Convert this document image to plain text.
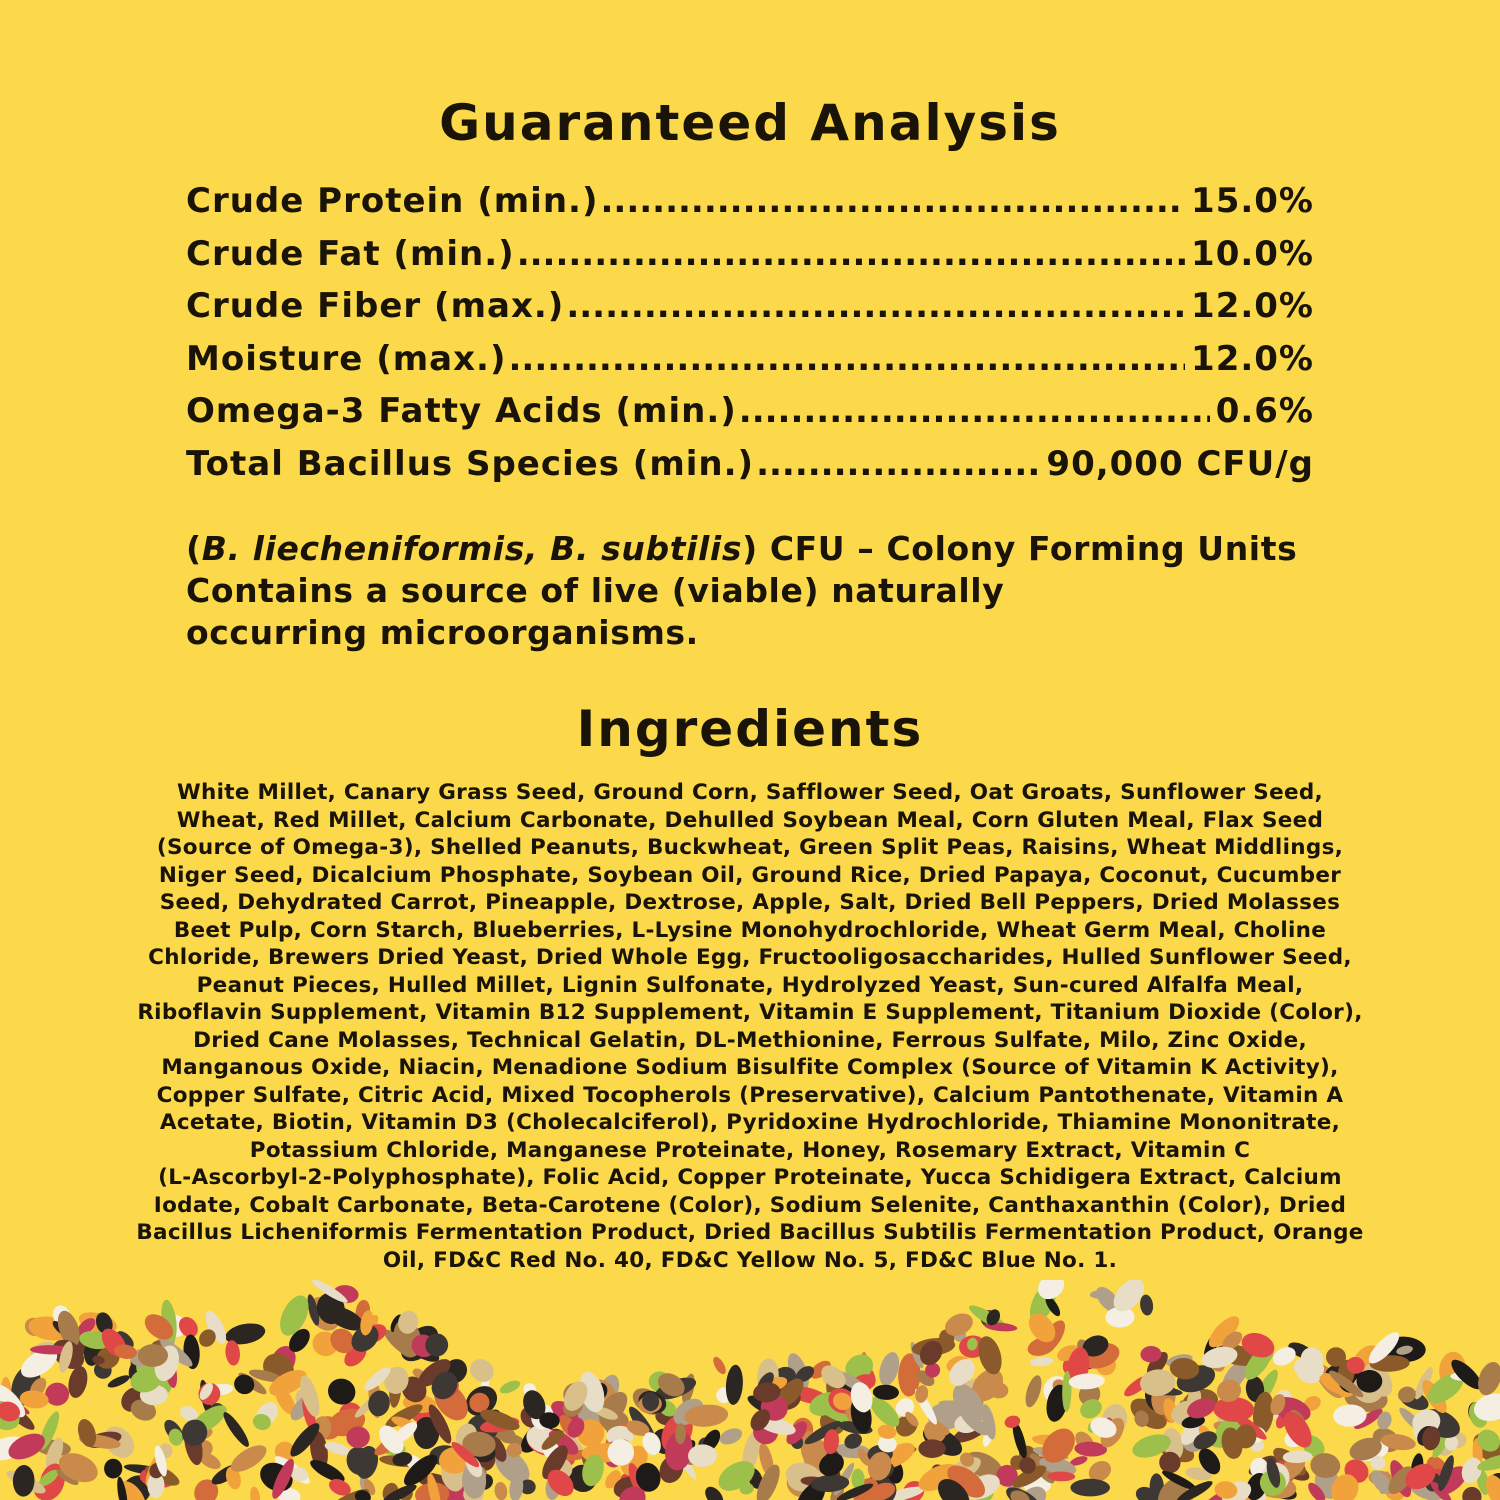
Guaranteed Analysis
Crude Protein (min.) .....	15.0%
Crude Fat (min.) .....	10.0%
Crude Fiber (max.) .....	12.0%
Moisture (max.) .....	12.0%
Omega-3 Fatty Acids (min.) .....	0.6%
Total Bacillus Species (min.) .....	90,000 CFU/g
(B. liecheniformis, B. subtilis) CFU – Colony Forming Units
Contains a source of live (viable) naturally
occurring microorganisms.
Ingredients
White Millet, Canary Grass Seed, Ground Corn, Safflower Seed, Oat Groats, Sunflower Seed,
Wheat, Red Millet, Calcium Carbonate, Dehulled Soybean Meal, Corn Gluten Meal, Flax Seed
(Source of Omega-3), Shelled Peanuts, Buckwheat, Green Split Peas, Raisins, Wheat Middlings,
Niger Seed, Dicalcium Phosphate, Soybean Oil, Ground Rice, Dried Papaya, Coconut, Cucumber
Seed, Dehydrated Carrot, Pineapple, Dextrose, Apple, Salt, Dried Bell Peppers, Dried Molasses
Beet Pulp, Corn Starch, Blueberries, L-Lysine Monohydrochloride, Wheat Germ Meal, Choline
Chloride, Brewers Dried Yeast, Dried Whole Egg, Fructooligosaccharides, Hulled Sunflower Seed,
Peanut Pieces, Hulled Millet, Lignin Sulfonate, Hydrolyzed Yeast, Sun-cured Alfalfa Meal,
Riboflavin Supplement, Vitamin B12 Supplement, Vitamin E Supplement, Titanium Dioxide (Color),
Dried Cane Molasses, Technical Gelatin, DL-Methionine, Ferrous Sulfate, Milo, Zinc Oxide,
Manganous Oxide, Niacin, Menadione Sodium Bisulfite Complex (Source of Vitamin K Activity),
Copper Sulfate, Citric Acid, Mixed Tocopherols (Preservative), Calcium Pantothenate, Vitamin A
Acetate, Biotin, Vitamin D3 (Cholecalciferol), Pyridoxine Hydrochloride, Thiamine Mononitrate,
Potassium Chloride, Manganese Proteinate, Honey, Rosemary Extract, Vitamin C
(L-Ascorbyl-2-Polyphosphate), Folic Acid, Copper Proteinate, Yucca Schidigera Extract, Calcium
Iodate, Cobalt Carbonate, Beta-Carotene (Color), Sodium Selenite, Canthaxanthin (Color), Dried
Bacillus Licheniformis Fermentation Product, Dried Bacillus Subtilis Fermentation Product, Orange
Oil, FD&C Red No. 40, FD&C Yellow No. 5, FD&C Blue No. 1.
